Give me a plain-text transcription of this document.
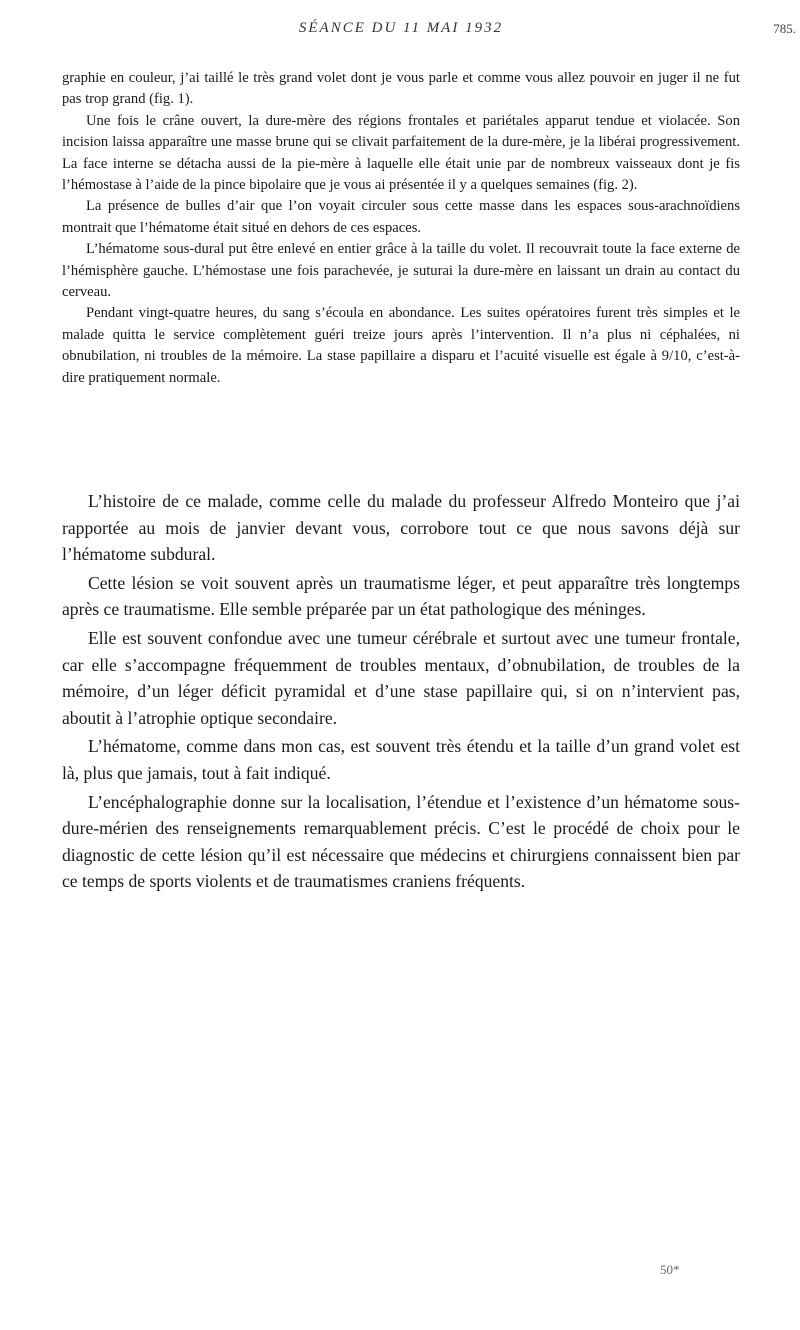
SÉANCE DU 11 MAI 1932	785.

graphie en couleur, j’ai taillé le très grand volet dont je vous parle et comme vous allez pouvoir en juger il ne fut pas trop grand (fig. 1).

Une fois le crâne ouvert, la dure-mère des régions frontales et pariétales apparut tendue et violacée. Son incision laissa apparaître une masse brune qui se clivait parfaitement de la dure-mère, je la libérai progressivement. La face interne se détacha aussi de la pie-mère à laquelle elle était unie par de nombreux vaisseaux dont je fis l’hémostase à l’aide de la pince bipolaire que je vous ai présentée il y a quelques semaines (fig. 2).

La présence de bulles d’air que l’on voyait circuler sous cette masse dans les espaces sous-arachnoïdiens montrait que l’hématome était situé en dehors de ces espaces.

L’hématome sous-dural put être enlevé en entier grâce à la taille du volet. Il recouvrait toute la face externe de l’hémisphère gauche. L’hémostase une fois parachevée, je suturai la dure-mère en laissant un drain au contact du cerveau.

Pendant vingt-quatre heures, du sang s’écoula en abondance. Les suites opératoires furent très simples et le malade quitta le service complètement guéri treize jours après l’intervention. Il n’a plus ni céphalées, ni obnubilation, ni troubles de la mémoire. La stase papillaire a disparu et l’acuité visuelle est égale à 9/10, c’est-à-dire pratiquement normale.

L’histoire de ce malade, comme celle du malade du professeur Alfredo Monteiro que j’ai rapportée au mois de janvier devant vous, corrobore tout ce que nous savons déjà sur l’hématome subdural.

Cette lésion se voit souvent après un traumatisme léger, et peut apparaître très longtemps après ce traumatisme. Elle semble préparée par un état pathologique des méninges.

Elle est souvent confondue avec une tumeur cérébrale et surtout avec une tumeur frontale, car elle s’accompagne fréquemment de troubles mentaux, d’obnubilation, de troubles de la mémoire, d’un léger déficit pyramidal et d’une stase papillaire qui, si on n’intervient pas, aboutit à l’atrophie optique secondaire.

L’hématome, comme dans mon cas, est souvent très étendu et la taille d’un grand volet est là, plus que jamais, tout à fait indiqué.

L’encéphalographie donne sur la localisation, l’étendue et l’existence d’un hématome sous-dure-mérien des renseignements remarquablement précis. C’est le procédé de choix pour le diagnostic de cette lésion qu’il est nécessaire que médecins et chirurgiens connaissent bien par ce temps de sports violents et de traumatismes craniens fréquents.

50*
